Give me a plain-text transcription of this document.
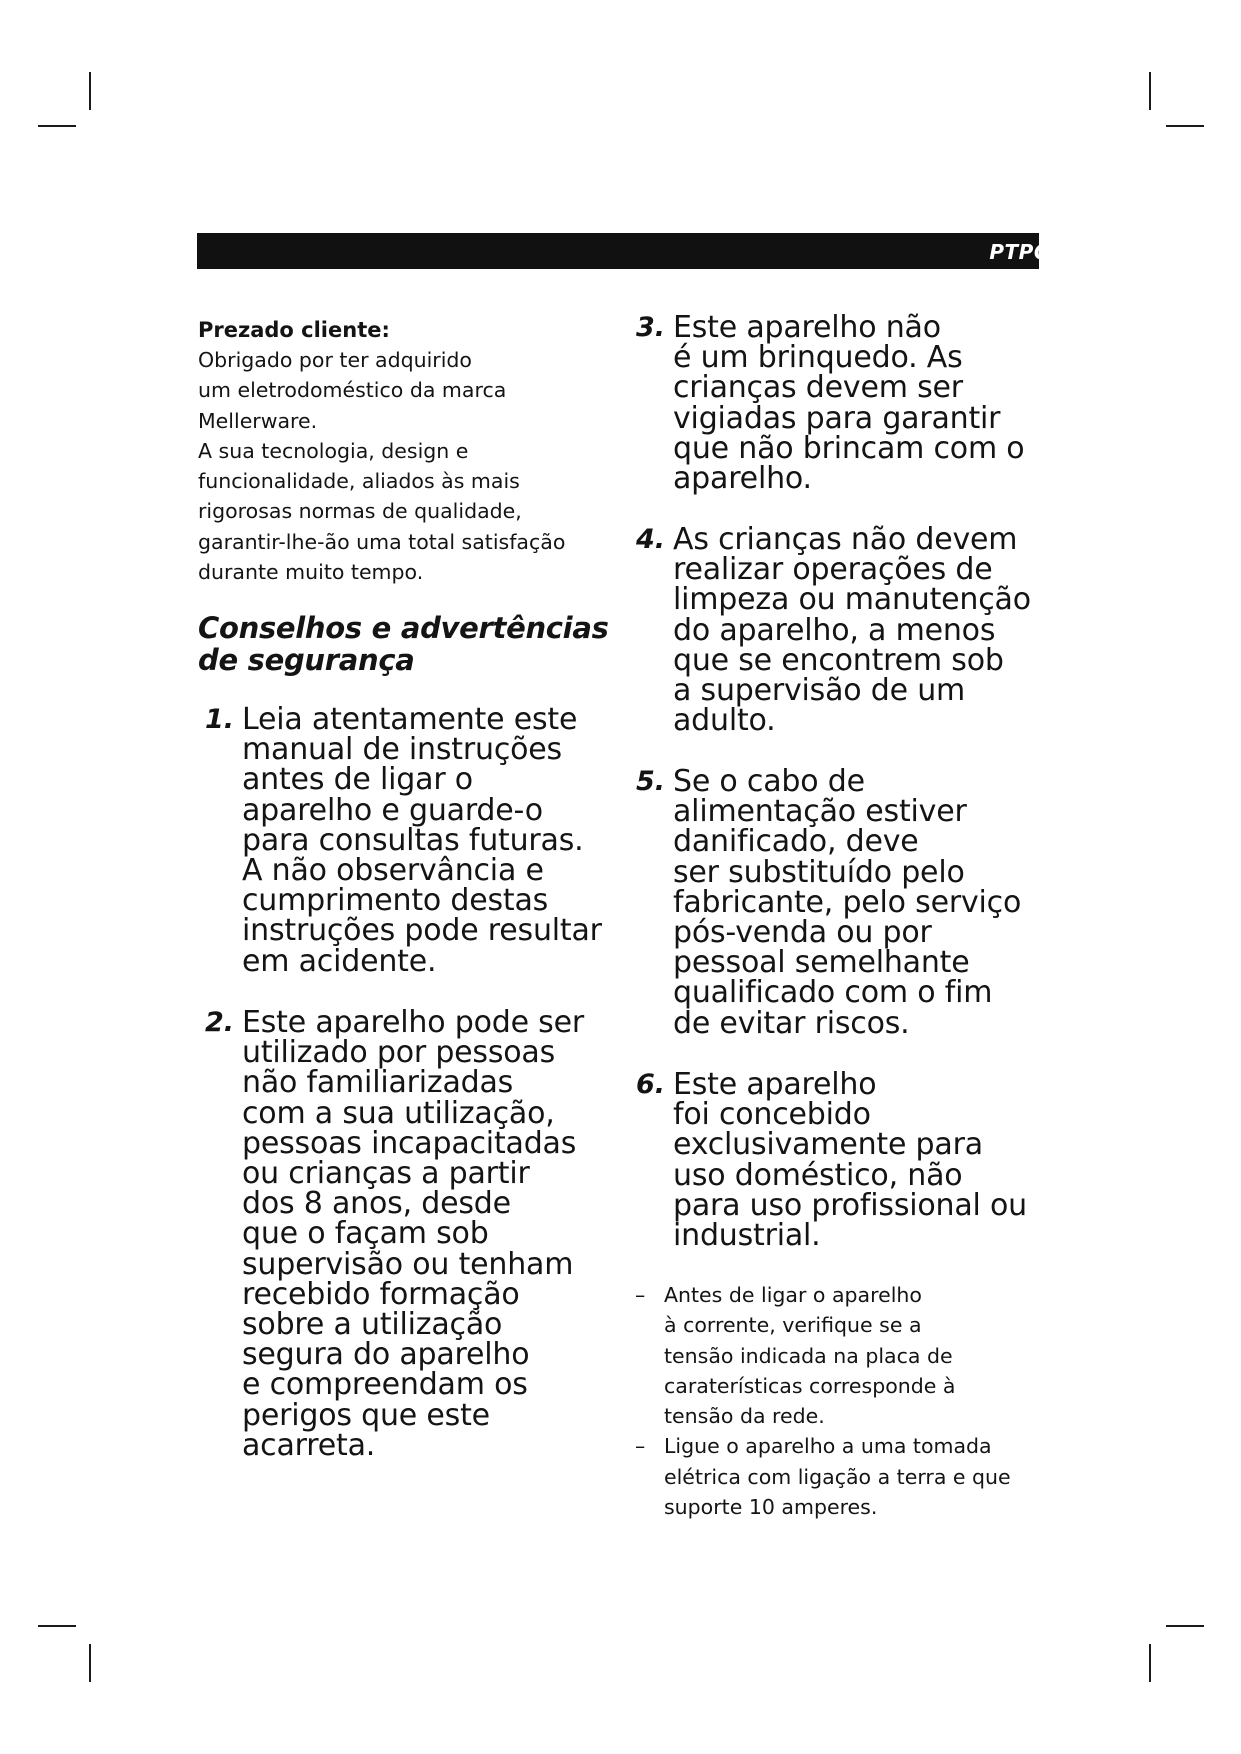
PTPC

Prezado cliente:

Obrigado por ter adquirido
um eletrodoméstico da marca
Mellerware.
A sua tecnologia, design e
funcionalidade, aliados às mais
rigorosas normas de qualidade,
garantir-lhe-ão uma total satisfação
durante muito tempo.
Conselhos e advertências
de segurança
1. Leia atentamente este
manual de instruções
antes de ligar o
aparelho e guarde-o
para consultas futuras.
A não observância e
cumprimento destas
instruções pode resultar
em acidente.
2. Este aparelho pode ser
utilizado por pessoas
não familiarizadas
com a sua utilização,
pessoas incapacitadas
ou crianças a partir
dos 8 anos, desde
que o façam sob
supervisão ou tenham
recebido formação
sobre a utilização
segura do aparelho
e compreendam os
perigos que este
acarreta.
3. Este aparelho não
é um brinquedo. As
crianças devem ser
vigiadas para garantir
que não brincam com o
aparelho.
4. As crianças não devem
realizar operações de
limpeza ou manutenção
do aparelho, a menos
que se encontrem sob
a supervisão de um
adulto.
5. Se o cabo de
alimentação estiver
danificado, deve
ser substituído pelo
fabricante, pelo serviço
pós-venda ou por
pessoal semelhante
qualificado com o fim
de evitar riscos.
6. Este aparelho
foi concebido
exclusivamente para
uso doméstico, não
para uso profissional ou
industrial.
– Antes de ligar o aparelho
à corrente, verifique se a
tensão indicada na placa de
caraterísticas corresponde à
tensão da rede.
– Ligue o aparelho a uma tomada
elétrica com ligação a terra e que
suporte 10 amperes.
